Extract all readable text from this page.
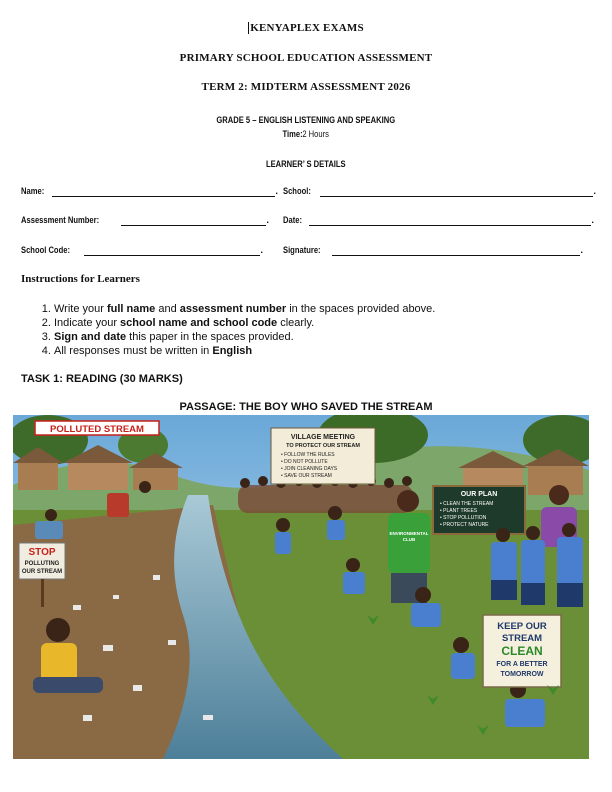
KENYAPLEX EXAMS
PRIMARY SCHOOL EDUCATION ASSESSMENT
TERM 2: MIDTERM ASSESSMENT 2026
GRADE 5 – ENGLISH LISTENING AND SPEAKING
Time:2 Hours
LEARNER’ S DETAILS
Name:	. School:	.
Assessment Number:	. Date:	.
School Code:	. Signature:	.
Instructions for Learners
1. Write your full name and assessment number in the spaces provided above.
2. Indicate your school name and school code clearly.
3. Sign and date this paper in the spaces provided.
4. All responses must be written in English
TASK 1: READING (30 MARKS)
PASSAGE: THE BOY WHO SAVED THE STREAM
POLLUTED STREAM
STOP
POLLUTING
OUR STREAM
VILLAGE MEETING
TO PROTECT OUR STREAM
• FOLLOW THE RULES
• DO NOT POLLUTE
• JOIN CLEANING DAYS
• SAVE OUR STREAM
OUR PLAN
• CLEAN THE STREAM
• PLANT TREES
• STOP POLLUTION
• PROTECT NATURE
ENVIRONMENTAL
CLUB
KEEP OUR
STREAM
CLEAN
FOR A BETTER
TOMORROW
